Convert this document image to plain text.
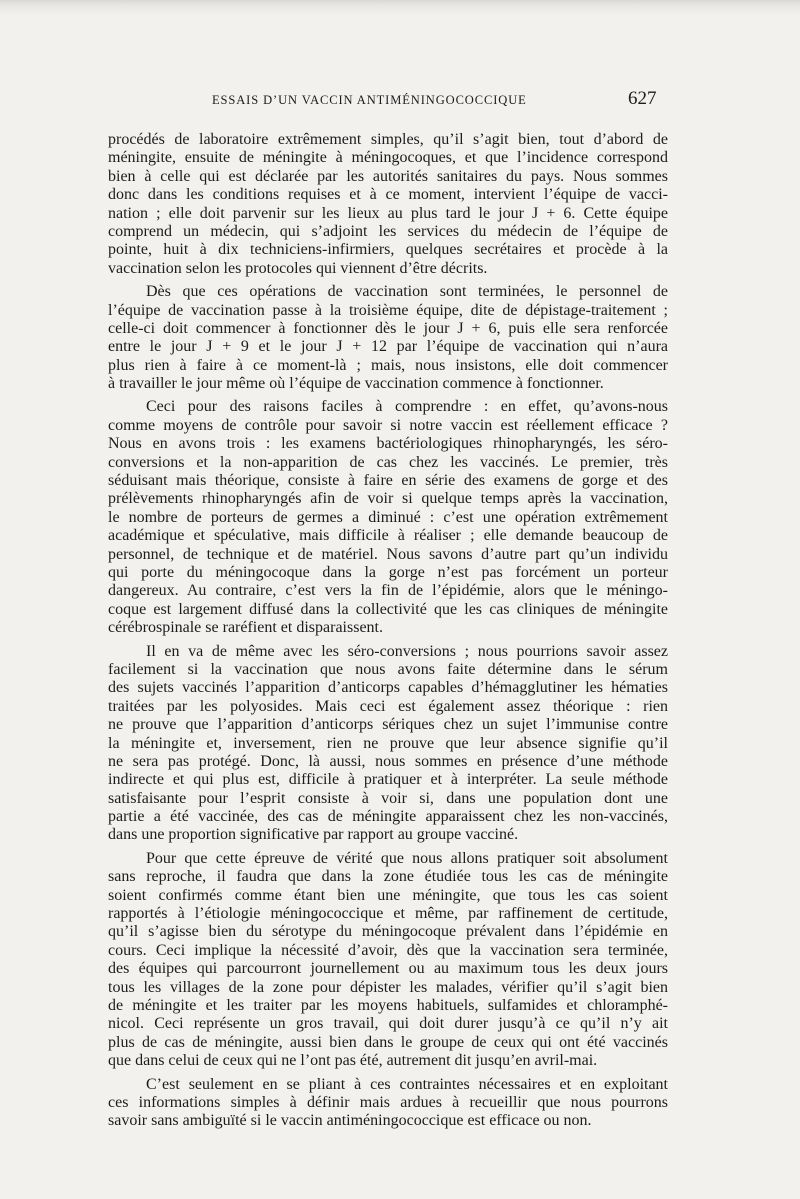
ESSAIS D’UN VACCIN ANTIMÉNINGOCOCCIQUE	627
procédés de laboratoire extrêmement simples, qu’il s’agit bien, tout d’abord de
méningite, ensuite de méningite à méningocoques, et que l’incidence correspond
bien à celle qui est déclarée par les autorités sanitaires du pays. Nous sommes
donc dans les conditions requises et à ce moment, intervient l’équipe de vacci-
nation ; elle doit parvenir sur les lieux au plus tard le jour J + 6. Cette équipe
comprend un médecin, qui s’adjoint les services du médecin de l’équipe de
pointe, huit à dix techniciens-infirmiers, quelques secrétaires et procède à la
vaccination selon les protocoles qui viennent d’être décrits.
Dès que ces opérations de vaccination sont terminées, le personnel de
l’équipe de vaccination passe à la troisième équipe, dite de dépistage-traitement ;
celle-ci doit commencer à fonctionner dès le jour J + 6, puis elle sera renforcée
entre le jour J + 9 et le jour J + 12 par l’équipe de vaccination qui n’aura
plus rien à faire à ce moment-là ; mais, nous insistons, elle doit commencer
à travailler le jour même où l’équipe de vaccination commence à fonctionner.
Ceci pour des raisons faciles à comprendre : en effet, qu’avons-nous
comme moyens de contrôle pour savoir si notre vaccin est réellement efficace ?
Nous en avons trois : les examens bactériologiques rhinopharyngés, les séro-
conversions et la non-apparition de cas chez les vaccinés. Le premier, très
séduisant mais théorique, consiste à faire en série des examens de gorge et des
prélèvements rhinopharyngés afin de voir si quelque temps après la vaccination,
le nombre de porteurs de germes a diminué : c’est une opération extrêmement
académique et spéculative, mais difficile à réaliser ; elle demande beaucoup de
personnel, de technique et de matériel. Nous savons d’autre part qu’un individu
qui porte du méningocoque dans la gorge n’est pas forcément un porteur
dangereux. Au contraire, c’est vers la fin de l’épidémie, alors que le méningo-
coque est largement diffusé dans la collectivité que les cas cliniques de méningite
cérébrospinale se raréfient et disparaissent.
Il en va de même avec les séro-conversions ; nous pourrions savoir assez
facilement si la vaccination que nous avons faite détermine dans le sérum
des sujets vaccinés l’apparition d’anticorps capables d’hémagglutiner les hématies
traitées par les polyosides. Mais ceci est également assez théorique : rien
ne prouve que l’apparition d’anticorps sériques chez un sujet l’immunise contre
la méningite et, inversement, rien ne prouve que leur absence signifie qu’il
ne sera pas protégé. Donc, là aussi, nous sommes en présence d’une méthode
indirecte et qui plus est, difficile à pratiquer et à interpréter. La seule méthode
satisfaisante pour l’esprit consiste à voir si, dans une population dont une
partie a été vaccinée, des cas de méningite apparaissent chez les non-vaccinés,
dans une proportion significative par rapport au groupe vacciné.
Pour que cette épreuve de vérité que nous allons pratiquer soit absolument
sans reproche, il faudra que dans la zone étudiée tous les cas de méningite
soient confirmés comme étant bien une méningite, que tous les cas soient
rapportés à l’étiologie méningococcique et même, par raffinement de certitude,
qu’il s’agisse bien du sérotype du méningocoque prévalent dans l’épidémie en
cours. Ceci implique la nécessité d’avoir, dès que la vaccination sera terminée,
des équipes qui parcourront journellement ou au maximum tous les deux jours
tous les villages de la zone pour dépister les malades, vérifier qu’il s’agit bien
de méningite et les traiter par les moyens habituels, sulfamides et chloramphé-
nicol. Ceci représente un gros travail, qui doit durer jusqu’à ce qu’il n’y ait
plus de cas de méningite, aussi bien dans le groupe de ceux qui ont été vaccinés
que dans celui de ceux qui ne l’ont pas été, autrement dit jusqu’en avril-mai.
C’est seulement en se pliant à ces contraintes nécessaires et en exploitant
ces informations simples à définir mais ardues à recueillir que nous pourrons
savoir sans ambiguïté si le vaccin antiméningococcique est efficace ou non.
